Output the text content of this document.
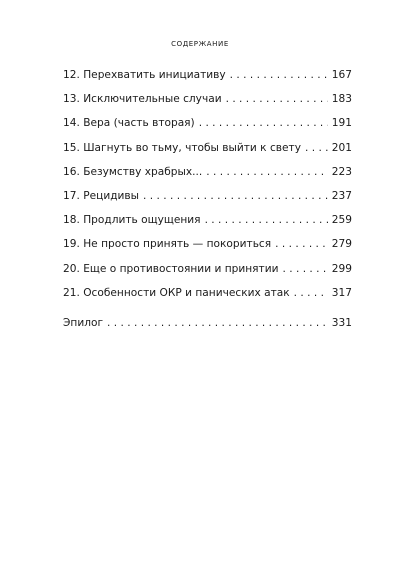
СОДЕРЖАНИЕ
12. Перехватить инициативу . . .	167
13. Исключительные случаи . . .	183
14. Вера (часть вторая) . . .	191
15. Шагнуть во тьму, чтобы выйти к свету . . .	201
16. Безумству храбрых... . . .	223
17. Рецидивы . . .	237
18. Продлить ощущения . . .	259
19. Не просто принять — покориться . . .	279
20. Еще о противостоянии и принятии . . .	299
21. Особенности ОКР и панических атак . . .	317
Эпилог . . .	331
